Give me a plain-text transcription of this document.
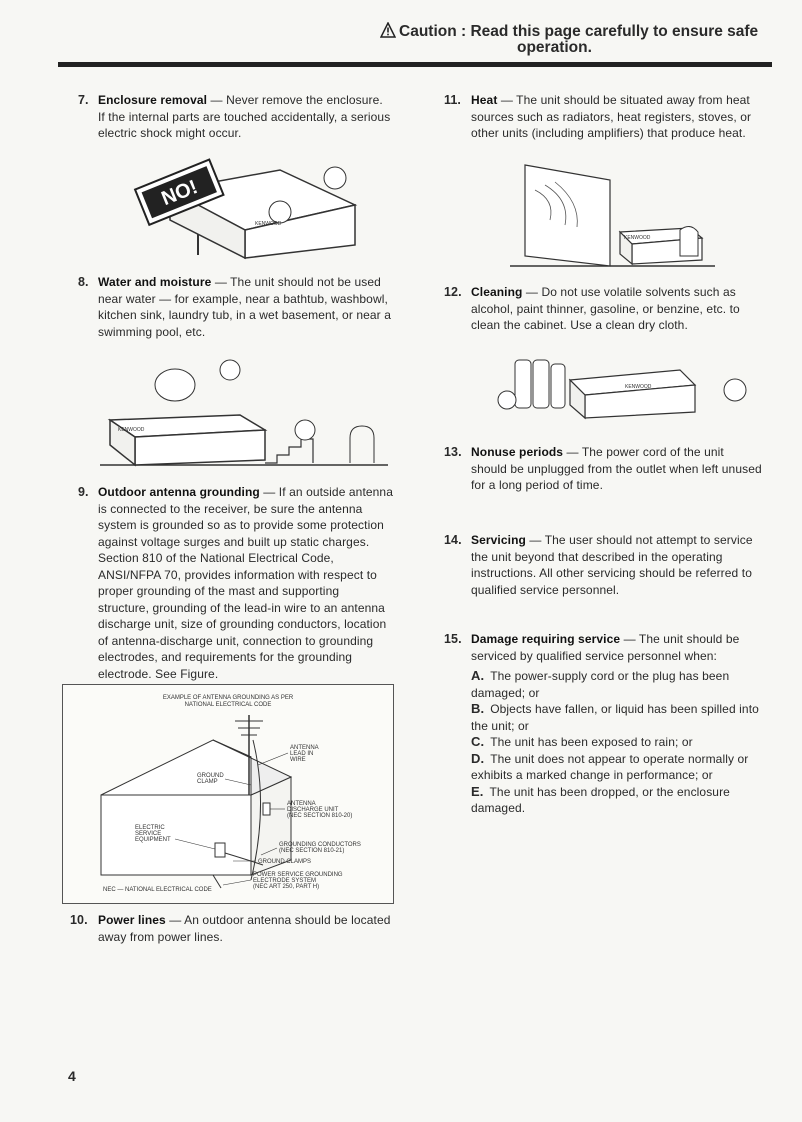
Caution : Read this page carefully to ensure safe
operation.
7. Enclosure removal — Never remove the enclosure. If the internal parts are touched accidentally, a serious electric shock might occur.
NO!
KENWOOD
8. Water and moisture — The unit should not be used near water — for example, near a bathtub, washbowl, kitchen sink, laundry tub, in a wet basement, or near a swimming pool, etc.
KENWOOD
9. Outdoor antenna grounding — If an outside antenna is connected to the receiver, be sure the antenna system is grounded so as to provide some protection against voltage surges and built up static charges. Section 810 of the National Electrical Code, ANSI/NFPA 70, provides information with respect to proper grounding of the mast and supporting structure, grounding of the lead-in wire to an antenna discharge unit, size of grounding conductors, location of antenna-discharge unit, connection to grounding electrodes, and requirements for the grounding electrode. See Figure.
EXAMPLE OF ANTENNA GROUNDING AS PER
NATIONAL ELECTRICAL CODE
ANTENNA
LEAD IN
WIRE
GROUND
CLAMP
ANTENNA
DISCHARGE UNIT
(NEC SECTION 810-20)
ELECTRIC
SERVICE
EQUIPMENT
GROUNDING CONDUCTORS
(NEC SECTION 810-21)
GROUND CLAMPS
POWER SERVICE GROUNDING
ELECTRODE SYSTEM
(NEC ART 250, PART H)
NEC — NATIONAL ELECTRICAL CODE
10. Power lines — An outdoor antenna should be located away from power lines.
11. Heat — The unit should be situated away from heat sources such as radiators, heat registers, stoves, or other units (including amplifiers) that produce heat.
KENWOOD
12. Cleaning — Do not use volatile solvents such as alcohol, paint thinner, gasoline, or benzine, etc. to clean the cabinet. Use a clean dry cloth.
KENWOOD
13. Nonuse periods — The power cord of the unit should be unplugged from the outlet when left unused for a long period of time.
14. Servicing — The user should not attempt to service the unit beyond that described in the operating instructions. All other servicing should be referred to qualified service personnel.
15. Damage requiring service — The unit should be serviced by qualified service personnel when:
A. The power-supply cord or the plug has been damaged; or
B. Objects have fallen, or liquid has been spilled into the unit; or
C. The unit has been exposed to rain; or
D. The unit does not appear to operate normally or exhibits a marked change in performance; or
E. The unit has been dropped, or the enclosure damaged.
4
